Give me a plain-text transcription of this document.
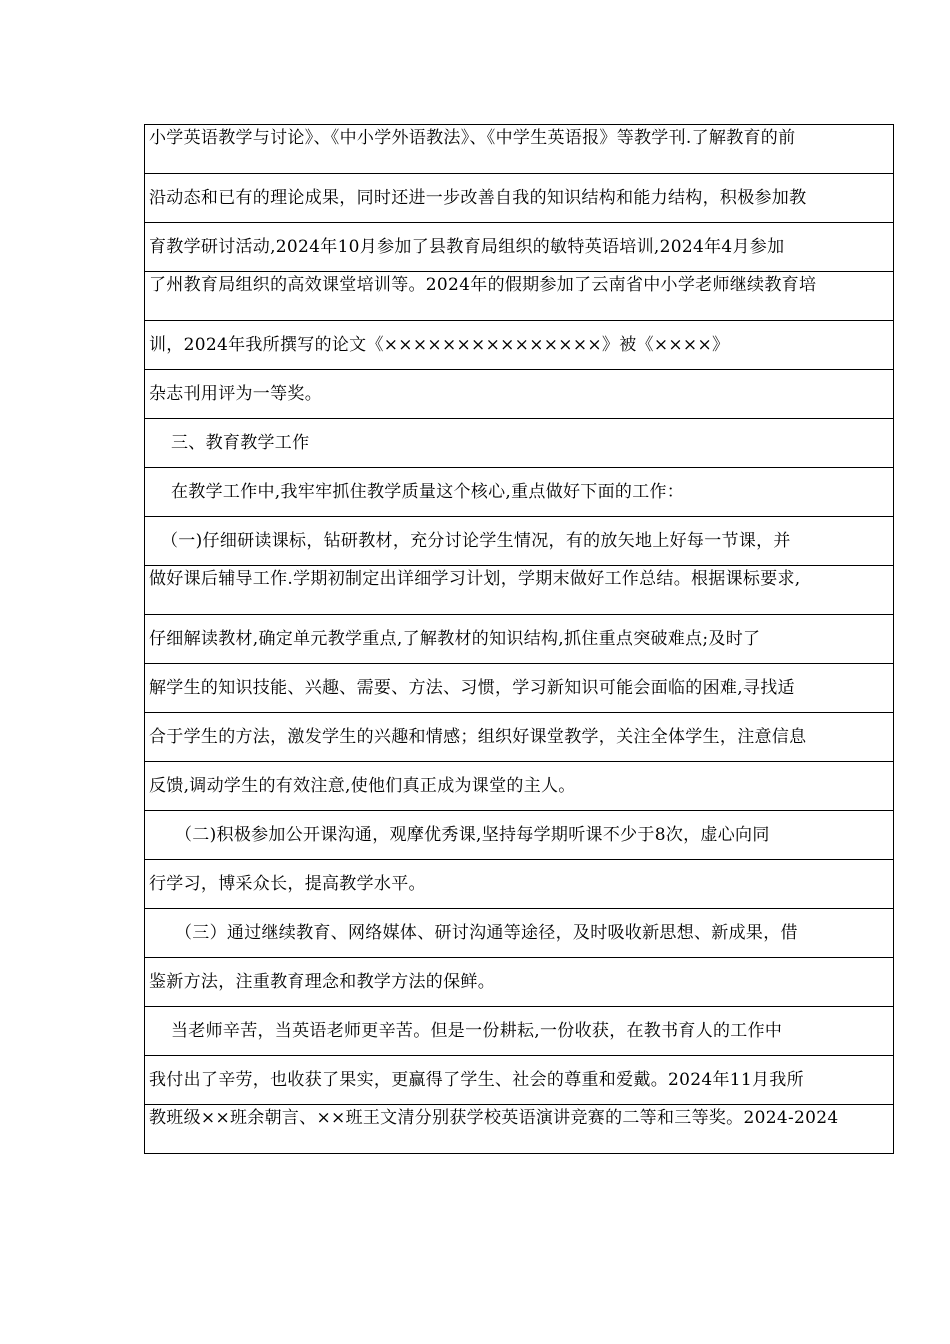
小学英语教学与讨论》、《中小学外语教法》、《中学生英语报》等教学刊.了解教育的前
沿动态和已有的理论成果，同时还进一步改善自我的知识结构和能力结构，积极参加教
育教学研讨活动,2024年10月参加了县教育局组织的敏特英语培训,2024年4月参加
了州教育局组织的高效课堂培训等。2024年的假期参加了云南省中小学老师继续教育培
训，2024年我所撰写的论文《×××××××××××××××》被《××××》
杂志刊用评为一等奖。
三、教育教学工作
在教学工作中,我牢牢抓住教学质量这个核心,重点做好下面的工作：
（一)仔细研读课标，钻研教材，充分讨论学生情况，有的放矢地上好每一节课，并
做好课后辅导工作.学期初制定出详细学习计划，学期末做好工作总结。根据课标要求,
仔细解读教材,确定单元教学重点,了解教材的知识结构,抓住重点突破难点;及时了
解学生的知识技能、兴趣、需要、方法、习惯，学习新知识可能会面临的困难,寻找适
合于学生的方法，激发学生的兴趣和情感；组织好课堂教学，关注全体学生，注意信息
反馈,调动学生的有效注意,使他们真正成为课堂的主人。
（二)积极参加公开课沟通，观摩优秀课,坚持每学期听课不少于8次，虚心向同
行学习，博采众长，提高教学水平。
（三）通过继续教育、网络媒体、研讨沟通等途径，及时吸收新思想、新成果，借
鉴新方法，注重教育理念和教学方法的保鲜。
当老师辛苦，当英语老师更辛苦。但是一份耕耘,一份收获，在教书育人的工作中
我付出了辛劳，也收获了果实，更赢得了学生、社会的尊重和爱戴。2024年11月我所
教班级××班余朝言、××班王文清分别获学校英语演讲竞赛的二等和三等奖。2024-2024
